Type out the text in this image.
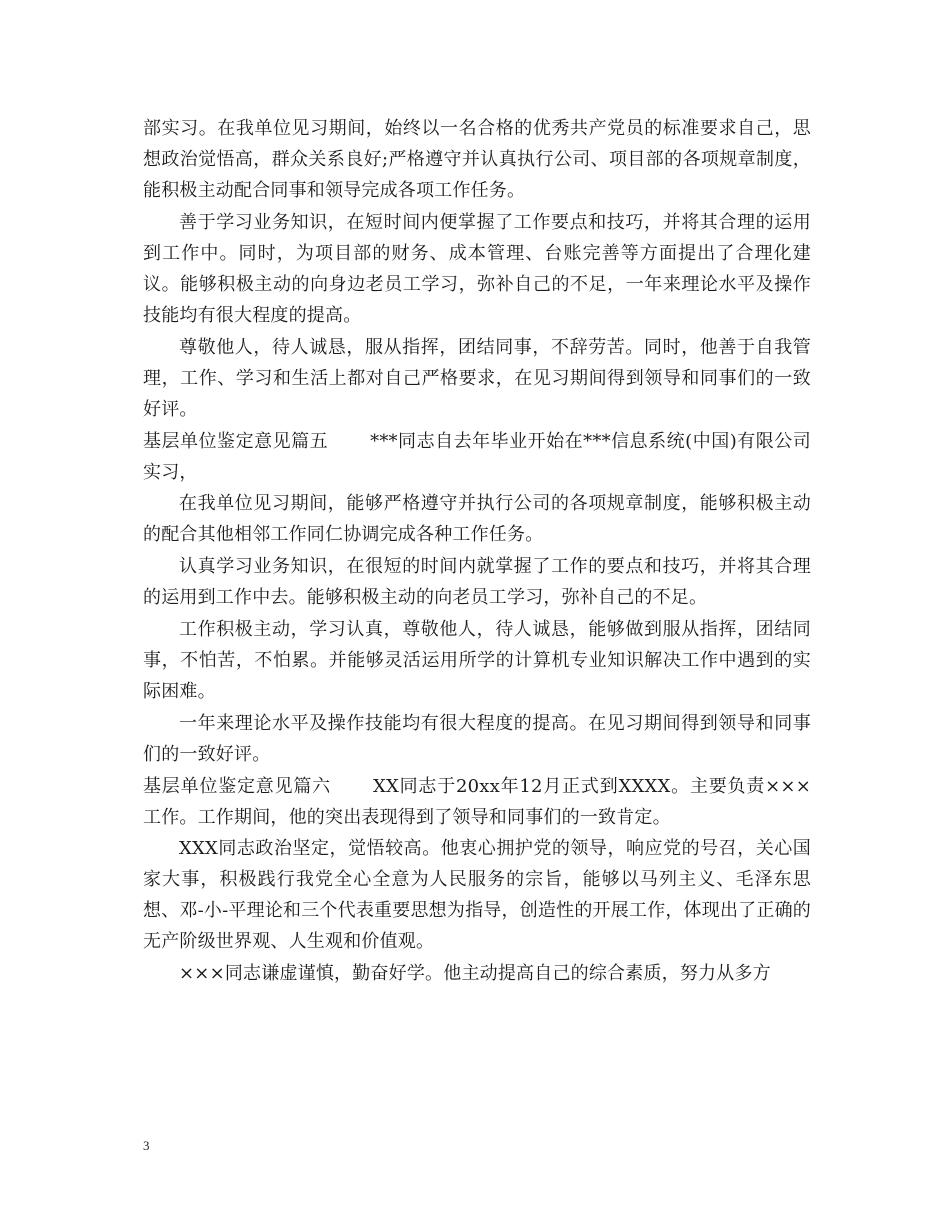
部实习。在我单位见习期间，始终以一名合格的优秀共产党员的标准要求自己，思想政治觉悟高，群众关系良好;严格遵守并认真执行公司、项目部的各项规章制度，能积极主动配合同事和领导完成各项工作任务。

善于学习业务知识，在短时间内便掌握了工作要点和技巧，并将其合理的运用到工作中。同时，为项目部的财务、成本管理、台账完善等方面提出了合理化建议。能够积极主动的向身边老员工学习，弥补自己的不足，一年来理论水平及操作技能均有很大程度的提高。

尊敬他人，待人诚恳，服从指挥，团结同事，不辞劳苦。同时，他善于自我管理，工作、学习和生活上都对自己严格要求，在见习期间得到领导和同事们的一致好评。

基层单位鉴定意见篇五 ***同志自去年毕业开始在***信息系统(中国)有限公司实习，

在我单位见习期间，能够严格遵守并执行公司的各项规章制度，能够积极主动的配合其他相邻工作同仁协调完成各种工作任务。

认真学习业务知识，在很短的时间内就掌握了工作的要点和技巧，并将其合理的运用到工作中去。能够积极主动的向老员工学习，弥补自己的不足。

工作积极主动，学习认真，尊敬他人，待人诚恳，能够做到服从指挥，团结同事，不怕苦，不怕累。并能够灵活运用所学的计算机专业知识解决工作中遇到的实际困难。

一年来理论水平及操作技能均有很大程度的提高。在见习期间得到领导和同事们的一致好评。

基层单位鉴定意见篇六 XX同志于20xx年12月正式到XXXX。主要负责×××工作。工作期间，他的突出表现得到了领导和同事们的一致肯定。

XXX同志政治坚定，觉悟较高。他衷心拥护党的领导，响应党的号召，关心国家大事，积极践行我党全心全意为人民服务的宗旨，能够以马列主义、毛泽东思想、邓-小-平理论和三个代表重要思想为指导，创造性的开展工作，体现出了正确的无产阶级世界观、人生观和价值观。

×××同志谦虚谨慎，勤奋好学。他主动提高自己的综合素质，努力从多方

3
